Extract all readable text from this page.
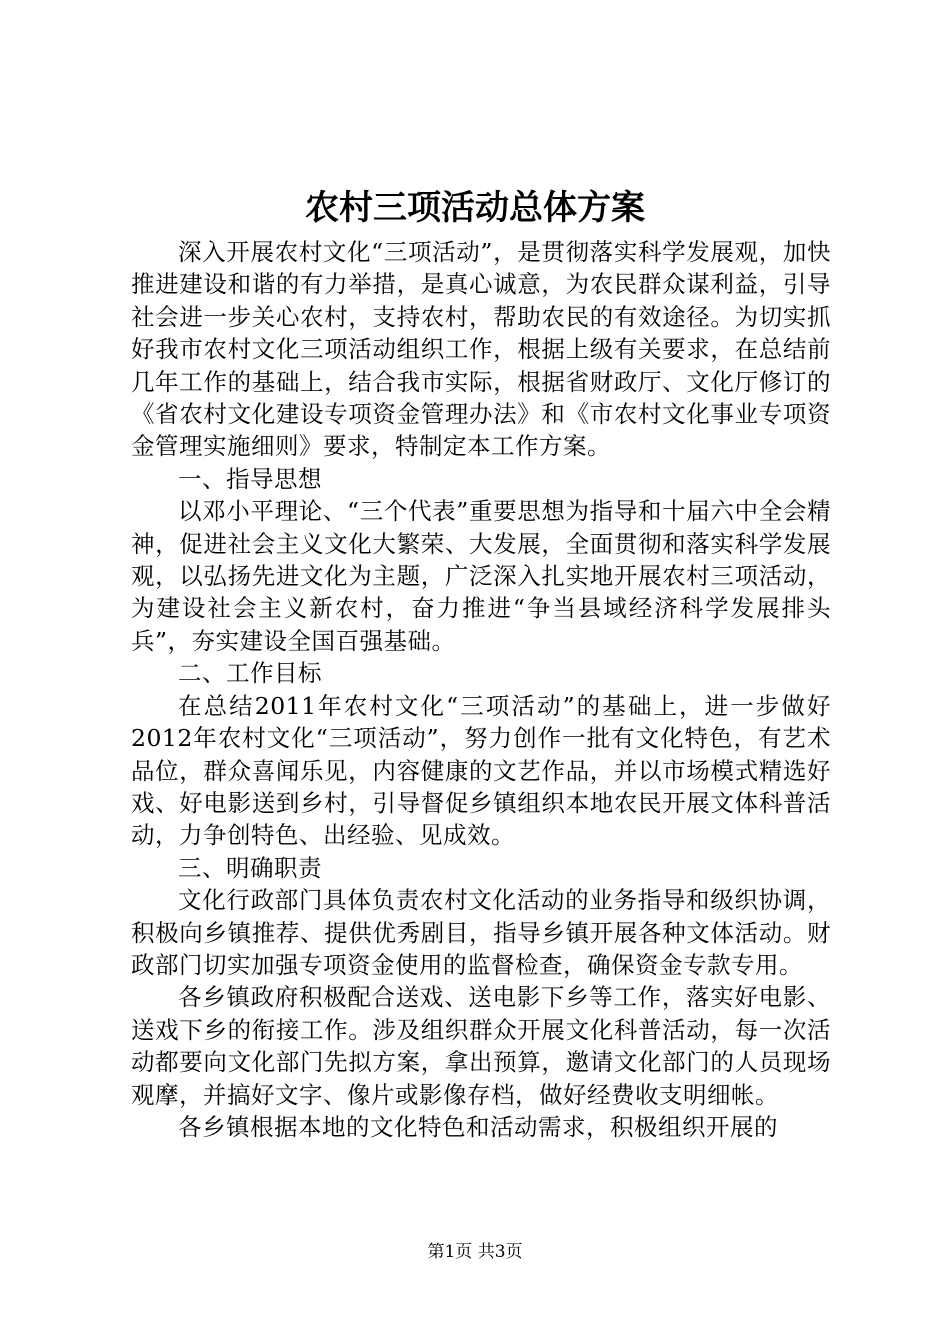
农村三项活动总体方案

深入开展农村文化“三项活动”，是贯彻落实科学发展观，加快推进建设和谐的有力举措，是真心诚意，为农民群众谋利益，引导社会进一步关心农村，支持农村，帮助农民的有效途径。为切实抓好我市农村文化三项活动组织工作，根据上级有关要求，在总结前几年工作的基础上，结合我市实际，根据省财政厅、文化厅修订的《省农村文化建设专项资金管理办法》和《市农村文化事业专项资金管理实施细则》要求，特制定本工作方案。

一、指导思想

以邓小平理论、“三个代表”重要思想为指导和十届六中全会精神，促进社会主义文化大繁荣、大发展，全面贯彻和落实科学发展观，以弘扬先进文化为主题，广泛深入扎实地开展农村三项活动，为建设社会主义新农村，奋力推进“争当县域经济科学发展排头兵”，夯实建设全国百强基础。

二、工作目标

在总结2011年农村文化“三项活动”的基础上，进一步做好2012年农村文化“三项活动”，努力创作一批有文化特色，有艺术品位，群众喜闻乐见，内容健康的文艺作品，并以市场模式精选好戏、好电影送到乡村，引导督促乡镇组织本地农民开展文体科普活动，力争创特色、出经验、见成效。

三、明确职责

文化行政部门具体负责农村文化活动的业务指导和级织协调，积极向乡镇推荐、提供优秀剧目，指导乡镇开展各种文体活动。财政部门切实加强专项资金使用的监督检查，确保资金专款专用。

各乡镇政府积极配合送戏、送电影下乡等工作，落实好电影、送戏下乡的衔接工作。涉及组织群众开展文化科普活动，每一次活动都要向文化部门先拟方案，拿出预算，邀请文化部门的人员现场观摩，并搞好文字、像片或影像存档，做好经费收支明细帐。

各乡镇根据本地的文化特色和活动需求，积极组织开展的

第1页 共3页
